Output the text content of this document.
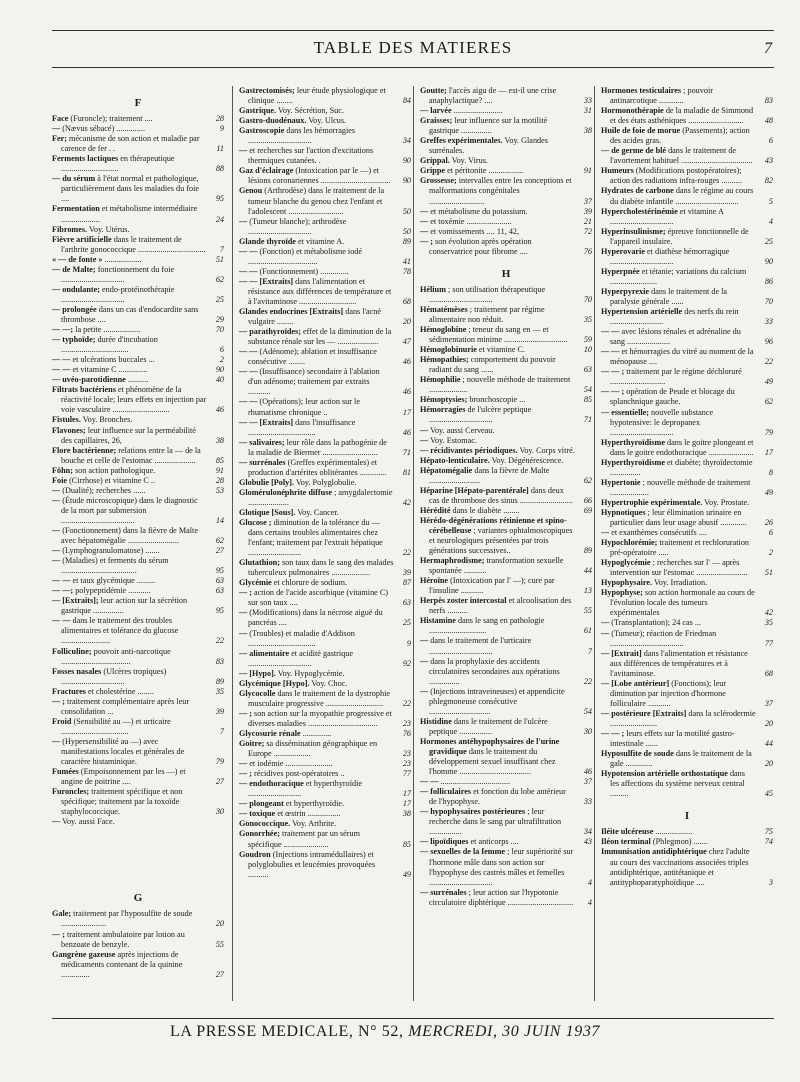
TABLE DES MATIERES	7
F
Face (Furoncle); traitement ....	28
— (Nævus sébacé) ..............	9
Fer; mécanisme de son action et maladie par carence de fer . .	11
Ferments lactiques en thérapeutique ............................	88
— du sérum à l'état normal et pathologique, particulièrement dans les maladies du foie ....	95
Fermentation et métabolisme intermédiaire ...................	24
Fibromes. Voy. Utérus.
Fièvre artificielle dans le traitement de l'arthrite gonococcique ................................. 7
« — de fonte » ..................	51
— de Malte; fonctionnement du foie ...............................	62
— ondulante; endo-protéinothérapie ...............................	25
— prolongée dans un cas d'endocardite sans thrombose ....	29
— —; la petite ..................	70
— typhoïde; durée d'incubation .................................	6
— — et ulcérations buccales ...	2
— — et vitamine C ..............	90
— uvéo-parotidienne ..........	40
Filtrats bactériens et phénomène de la réactivité locale; leurs effets en injection par voie vasculaire ............................	46
Fistules. Voy. Bronches.
Flavones; leur influence sur la perméabilité des capillaires, 26,	38
Flore bactérienne; relations entre la — de la bouche et celle de l'estomac .................... 85
Föhn; son action pathologique.	91
Foie (Cirrhose) et vitamine C ..	28
— (Dualité); recherches ......	53
— (Étude microscopique) dans le diagnostic de la mort par submersion ....................................	14
— (Fonctionnement) dans la fièvre de Malte avec hépatomégalie .........................	62
— (Lymphogranulomatose) .......	27
— (Maladies) et ferments du sérum .....................................	95
— — et taux glycémique .........	63
— —; polypeptidémie ...........	63
— [Extraits]; leur action sur la sécrétion gastrique ...............	95
— — dans le traitement des troubles alimentaires et tolérance du glucose ........................	22
Folliculine; pouvoir anti-narcotique ..................................	83
Fosses nasales (Ulcères tropiques) ...............................	89
Fractures et cholestérine ........	35
— ; traitement complémentaire après leur consolidation ...	39
Froid (Sensibilité au —) et urticaire .................................	7
— (Hypersensibilité au —) avec manifestations locales et générales de caractère histaminique.	79
Fumées (Empoisonnement par les —) et angine de poitrine ....	27
Furoncles; traitement spécifique et non spécifique; traitement par la toxoïde staphylococcique.	30
— Voy. aussi Face.
G
Gale; traitement par l'hyposulfite de soude ......................	20
— ; traitement ambulatoire par lotion au benzoate de benzyle.	55
Gangrène gazeuse après injections de médicaments contenant de la quinine ..............	27
Gastrectomisés; leur étude physiologique et clinique ........	84
Gastrique. Voy. Sécrétion, Suc.
Gastro-duodénaux. Voy. Ulcus.
Gastroscopie dans les hémorragies ...............................	34
— et recherches sur l'action d'excitations thermiques cutanées. .	90
Gaz d'éclairage (Intoxication par le —) et lésions coronariennes .................................. 90
Genou (Arthrodèse) dans le traitement de la tumeur blanche du genou chez l'enfant et l'adolescent ...........................	50
— (Tumeur blanche); arthrodèse ...............................	50
Glande thyroïde et vitamine A.	89
— — (Fonction) et métabolisme iodé ..................................	41
— — (Fonctionnement) ..............	78
— — [Extraits] dans l'alimentation et résistance aux différences de température et à l'avitaminose ............................	68
Glandes endocrines [Extraits] dans l'acné vulgaire ........	20
— parathyroïdes; effet de la diminution de la substance rénale sur les — ....................	47
— — (Adénome); ablation et insuffisance consécutive ........	46
— — (Insuffisance) secondaire à l'ablation d'un adénome; traitement par extraits ...........	46
— — (Opérations); leur action sur le rhumatisme chronique ..	17
— — [Extraits] dans l'insuffisance .................................	46
— salivaires; leur rôle dans la pathogénie de la maladie de Biermer ...........................	71
— surrénales (Greffes expérimentales) et production d'artérites oblitérantes ............. 81
Globulie [Poly]. Voy. Polyglobulie.
Glomérulonéphrite diffuse ; amygdalectomie ....................	42
Glotique [Sous]. Voy. Cancer.
Glucose ; diminution de la tolérance du — dans certains troubles alimentaires chez l'enfant; traitement par l'extrait hépatique ..........................	22
Glutathion; son taux dans le sang des malades tuberculeux pulmonaires ...................	39
Glycémie et chlorure de sodium.	87
— ; action de l'acide ascorbique (vitamine C) sur son taux ....	63
— (Modifications) dans la nécrose aiguë du pancréas ....	25
— (Troubles) et maladie d'Addison .................................	9
— alimentaire et acidité gastrique ...............................	92
— [Hypo]. Voy. Hypoglycémie.
Glycémique [Hypo]. Voy. Choc.
Glycocolle dans le traitement de la dystrophie musculaire progressive ............................ 22
— ; son action sur la myopathie progressive et diverses maladies ..................................	23
Glycosurie rénale ..............	76
Goitre; sa dissémination géographique en Europe ..................	23
— et iodémie .......................	23
— ; récidives post-opératoires ..	77
— endothoracique et hyperthyroïdie ..........................	17
— plongeant et hyperthyroïdie.	17
— toxique et œstrin ................	38
Gonococcique. Voy. Arthrite.
Gonorrhée; traitement par un sérum spécifique ......................	85
Goudron (Injections intramédullaires) et polyglobulies et leucémies provoquées ..........	49
Goutte; l'accès aigu de — est-il une crise anaphylactique? ....	33
— larvée ........................	31
Graisses; leur influence sur la motilité gastrique ...............	38
Greffes expérimentales. Voy. Glandes surrénales.
Grippal. Voy. Virus.
Grippe et péritonite .................	91
Grossesse; intervalles entre les conceptions et malformations congénitales ...........................	37
— et métabolisme du potassium.	39
— et toxémie ......................	21
— et vomissements .... 11, 42,	72
— ; son évolution après opération conservatrice pour fibrome ....	76
H
Hélium ; son utilisation thérapeutique ...............................	70
Hématémèses ; traitement par régime alimentaire non réduit.	35
Hémoglobine ; teneur du sang en — et sédimentation minime ............................... 59
Hémoglobinurie et vitamine C.	10
Hémopathies; comportement du pouvoir radiant du sang ......	63
Hémophilie ; nouvelle méthode de traitement ...................	54
Hémoptysies; bronchoscopie ...	85
Hémorragies de l'ulcère peptique ...............................	71
— Voy. aussi Cerveau.
— Voy. Estomac.
— récidivantes périodiques. Voy. Corps vitré.
Hépato-lenticulaire. Voy. Dégénérescence.
Hépatomégalie dans la fièvre de Malte .........................	62
Héparine [Hépato-parentérale] dans deux cas de thrombose des sinus .......................... 66
Hérédité dans le diabète ........	69
Hérédo-dégénérations rétinienne et spino-cérébelleuse ; variantes ophtalmoscopiques et neurologiques présentées par trois générations successives..	89
Hermaphrodisme; transformation sexuelle spontanée ...........	44
Héroïne (Intoxication par l' —); cure par l'insuline ...........	13
Herpès zoster intercostal et alcoolisation des nerfs ..........	55
Histamine dans le sang en pathologie ............................	61
— dans le traitement de l'urticaire ...............................	7
— dans la prophylaxie des accidents circulatoires secondaires aux opérations ...............	22
— (Injections intraveineuses) et appendicite phlegmoneuse consécutive ..............................	54
Histidine dans le traitement de l'ulcère peptique ................	30
Hormones antéhypophysaires de l'urine gravidique dans le traitement du développement sexuel insuffisant chez l'homme ...................................	46
— — ..................................	37
— folliculaires et fonction du lobe antérieur de l'hypophyse.	33
— hypophysaires postérieures ; leur recherche dans le sang par ultrafiltration ................	34
— lipoïdiques et anticorps ....	43
— sexuelles de la femme ; leur supériorité sur l'hormone mâle dans son action sur l'hypophyse des castrés mâles et femelles ...............................	4
— surrénales ; leur action sur l'hypotonie circulatoire diphtérique ................................ 4
Hormones testiculaires ; pouvoir antinarcotique ............	83
Hormonothérapie de la maladie de Simmond et des états asthéniques ...........................	48
Huile de foie de morue (Passements); action des acides gras.	6
— de germe de blé dans le traitement de l'avortement habituel ................................... 43
Humeurs (Modifications postopératoires); action des radiations infra-rouges ..........	82
Hydrates de carbone dans le régime au cours du diabète infantile ...............................	5
Hypercholestérinémie et vitamine A ...............................	4
Hyperinsulinisme; épreuve fonctionnelle de l'appareil insulaire.	25
Hyperovarie et diathèse hémorragique ...............................	90
Hyperpnée et tétanie; variations du calcium .......................	86
Hyperpyrexie dans le traitement de la paralysie générale ......	70
Hypertension artérielle des nerfs du rein ..........................	33
— — avec lésions rénales et adrénaline du sang .....................	96
— — et hémorragies du vitré au moment de la ménopause ....	22
— — ; traitement par le régime déchloruré ...........................	49
— — ; opération de Peude et blocage du splanchnique gauche.	62
— essentielle; nouvelle substance hypotensive: le depropanex ...............................	79
Hyperthyroïdisme dans le goitre plongeant et dans le goitre endothoracique ...................... 17
Hyperthyroïdisme et diabète; thyroïdectomie ...............	8
Hypertonie ; nouvelle méthode de traitement ...................	49
Hypertrophie expérimentale. Voy. Prostate.
Hypnotiques ; leur élimination urinaire en particulier dans leur usage abusif ............. 26
— et exanthèmes consécutifs ....	6
Hypochlorémie; traitement et rechloruration pré-opératoire .....	2
Hypoglycémie ; recherches sur l' — après intervention sur l'estomac ......................... 51
Hypophysaire. Voy. Irradiation.
Hypophyse; son action hormonale au cours de l'évolution locale des tumeurs expérimentales	42
— (Transplantation); 24 cas ...	35
— (Tumeur); réaction de Friedman ....................................	77
— [Extrait] dans l'alimentation et résistance aux différences de températures et à l'avitaminose.	68
— [Lobe antérieur] (Fonctions); leur diminution par injection d'hormone folliculaire ...........	37
— postérieure [Extraits] dans la sclérodermie .......................	20
— — ; leurs effets sur la motilité gastro-intestinale ......	44
Hyposulfite de soude dans le traitement de la gale .............	20
Hypotension artérielle orthostatique dans les affections du système nerveux central .........	45
I
Iléite ulcéreuse ..................	75
Iléon terminal (Phlegmon) .......	74
Immunisation antidiphtérique chez l'adulte au cours des vaccinations associées triples antidiphtérique, antitétanique et antityphoparatyphoïdique ....	3
LA PRESSE MEDICALE, N° 52, MERCREDI, 30 JUIN 1937
